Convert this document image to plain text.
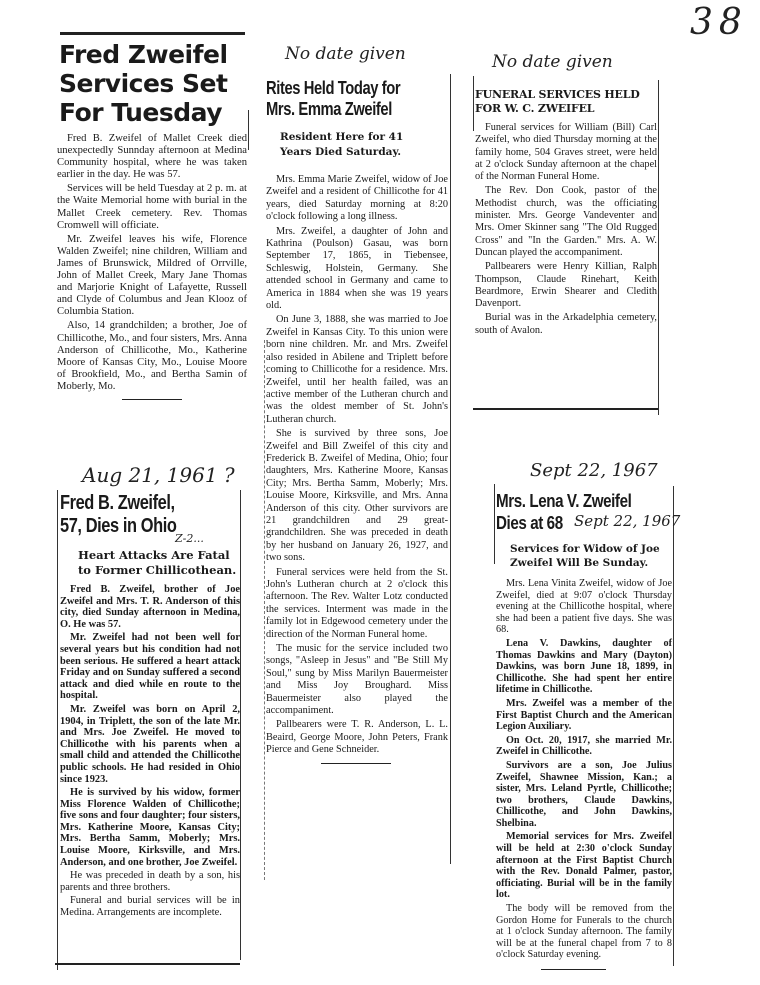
38
Fred Zweifel
Services Set
For Tuesday

Fred B. Zweifel of Mallet Creek died unexpectedly Sunnday afternoon at Medina Community hospital, where he was taken earlier in the day. He was 57.

Services will be held Tuesday at 2 p. m. at the Waite Memorial home with burial in the Mallet Creek cemetery. Rev. Thomas Cromwell will officiate.

Mr. Zweifel leaves his wife, Florence Walden Zweifel; nine children, William and James of Brunswick, Mildred of Orrville, John of Mallet Creek, Mary Jane Thomas and Marjorie Knight of Lafayette, Russell and Clyde of Columbus and Jean Klooz of Columbia Station.

Also, 14 grandchilden; a brother, Joe of Chillicothe, Mo., and four sisters, Mrs. Anna Anderson of Chillicothe, Mo., Katherine Moore of Kansas City, Mo., Louise Moore of Brookfield, Mo., and Bertha Samin of Moberly, Mo.

Aug 21, 1961 ?
Fred B. Zweifel,
57, Dies in Ohio
Z-2...
Heart Attacks Are Fatal
to Former Chillicothean.

Fred B. Zweifel, brother of Joe Zweifel and Mrs. T. R. Anderson of this city, died Sunday afternoon in Medina, O. He was 57.

Mr. Zweifel had not been well for several years but his condition had not been serious. He suffered a heart attack Friday and on Sunday suffered a second attack and died while en route to the hospital.

Mr. Zweifel was born on April 2, 1904, in Triplett, the son of the late Mr. and Mrs. Joe Zweifel. He moved to Chillicothe with his parents when a small child and attended the Chillicothe public schools. He had resided in Ohio since 1923.

He is survived by his widow, former Miss Florence Walden of Chillicothe; five sons and four daughter; four sisters, Mrs. Katherine Moore, Kansas City; Mrs. Bertha Samm, Moberly; Mrs. Louise Moore, Kirksville, and Mrs. Anderson, and one brother, Joe Zweifel.

He was preceded in death by a son, his parents and three brothers.

Funeral and burial services will be in Medina. Arrangements are incomplete.

No date given
Rites Held Today for
Mrs. Emma Zweifel
Resident Here for 41
Years Died Saturday.

Mrs. Emma Marie Zweifel, widow of Joe Zweifel and a resident of Chillicothe for 41 years, died Saturday morning at 8:20 o'clock following a long illness.

Mrs. Zweifel, a daughter of John and Kathrina (Poulson) Gasau, was born September 17, 1865, in Tiebensee, Schleswig, Holstein, Germany. She attended school in Germany and came to America in 1884 when she was 19 years old.

On June 3, 1888, she was married to Joe Zweifel in Kansas City. To this union were born nine children. Mr. and Mrs. Zweifel also resided in Abilene and Triplett before coming to Chillicothe for a residence. Mrs. Zweifel, until her health failed, was an active member of the Lutheran church and was the oldest member of St. John's Lutheran church.

She is survived by three sons, Joe Zweifel and Bill Zweifel of this city and Frederick B. Zweifel of Medina, Ohio; four daughters, Mrs. Katherine Moore, Kansas City; Mrs. Bertha Samm, Moberly; Mrs. Louise Moore, Kirksville, and Mrs. Anna Anderson of this city. Other survivors are 21 grandchildren and 29 great-grandchildren. She was preceded in death by her husband on January 26, 1927, and two sons.

Funeral services were held from the St. John's Lutheran church at 2 o'clock this afternoon. The Rev. Walter Lotz conducted the services. Interment was made in the family lot in Edgewood cemetery under the direction of the Norman Funeral home.

The music for the service included two songs, "Asleep in Jesus" and "Be Still My Soul," sung by Miss Marilyn Bauermeister and Miss Joy Broughard. Miss Bauermeister also played the accompaniment.

Pallbearers were T. R. Anderson, L. L. Beaird, George Moore, John Peters, Frank Pierce and Gene Schneider.

No date given
FUNERAL SERVICES HELD
FOR W. C. ZWEIFEL

Funeral services for William (Bill) Carl Zweifel, who died Thursday morning at the family home, 504 Graves street, were held at 2 o'clock Sunday afternoon at the chapel of the Norman Funeral Home.

The Rev. Don Cook, pastor of the Methodist church, was the officiating minister. Mrs. George Vandeventer and Mrs. Omer Skinner sang "The Old Rugged Cross" and "In the Garden." Mrs. A. W. Duncan played the accompaniment.

Pallbearers were Henry Killian, Ralph Thompson, Claude Rinehart, Keith Beardmore, Erwin Shearer and Cledith Davenport.

Burial was in the Arkadelphia cemetery, south of Avalon.

Sept 22, 1967
Mrs. Lena V. Zweifel
Dies at 68 Sept 22, 1967
Services for Widow of Joe
Zweifel Will Be Sunday.

Mrs. Lena Vinita Zweifel, widow of Joe Zweifel, died at 9:07 o'clock Thursday evening at the Chillicothe hospital, where she had been a patient five days. She was 68.

Lena V. Dawkins, daughter of Thomas Dawkins and Mary (Dayton) Dawkins, was born June 18, 1899, in Chillicothe. She had spent her entire lifetime in Chillicothe.

Mrs. Zweifel was a member of the First Baptist Church and the American Legion Auxiliary.

On Oct. 20, 1917, she married Mr. Zweifel in Chillicothe.

Survivors are a son, Joe Julius Zweifel, Shawnee Mission, Kan.; a sister, Mrs. Leland Pyrtle, Chillicothe; two brothers, Claude Dawkins, Chillicothe, and John Dawkins, Shelbina.

Memorial services for Mrs. Zweifel will be held at 2:30 o'clock Sunday afternoon at the First Baptist Church with the Rev. Donald Palmer, pastor, officiating. Burial will be in the family lot.

The body will be removed from the Gordon Home for Funerals to the church at 1 o'clock Sunday afternoon. The family will be at the funeral chapel from 7 to 8 o'clock Saturday evening.
